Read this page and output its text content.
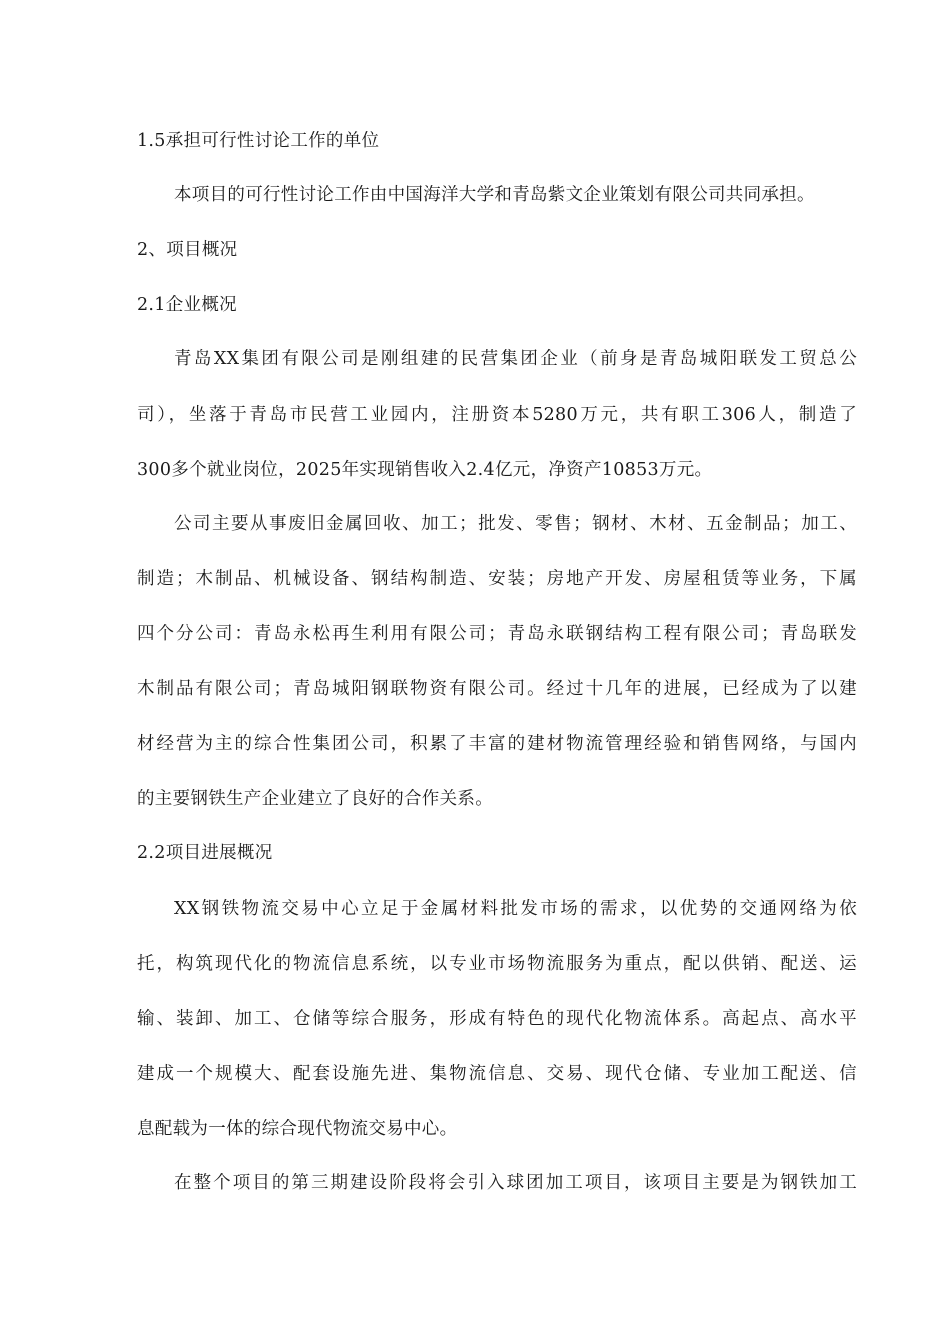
1.5承担可行性讨论工作的单位
本项目的可行性讨论工作由中国海洋大学和青岛紫文企业策划有限公司共同承担。
2、项目概况
2.1企业概况
青岛XX集团有限公司是刚组建的民营集团企业（前身是青岛城阳联发工贸总公
司），坐落于青岛市民营工业园内，注册资本5280万元，共有职工306人，制造了
300多个就业岗位，2025年实现销售收入2.4亿元，净资产10853万元。
公司主要从事废旧金属回收、加工；批发、零售；钢材、木材、五金制品；加工、
制造；木制品、机械设备、钢结构制造、安装；房地产开发、房屋租赁等业务，下属
四个分公司：青岛永松再生利用有限公司；青岛永联钢结构工程有限公司；青岛联发
木制品有限公司；青岛城阳钢联物资有限公司。经过十几年的进展，已经成为了以建
材经营为主的综合性集团公司，积累了丰富的建材物流管理经验和销售网络，与国内
的主要钢铁生产企业建立了良好的合作关系。
2.2项目进展概况
XX钢铁物流交易中心立足于金属材料批发市场的需求，以优势的交通网络为依
托，构筑现代化的物流信息系统，以专业市场物流服务为重点，配以供销、配送、运
输、装卸、加工、仓储等综合服务，形成有特色的现代化物流体系。高起点、高水平
建成一个规模大、配套设施先进、集物流信息、交易、现代仓储、专业加工配送、信
息配载为一体的综合现代物流交易中心。
在整个项目的第三期建设阶段将会引入球团加工项目，该项目主要是为钢铁加工
